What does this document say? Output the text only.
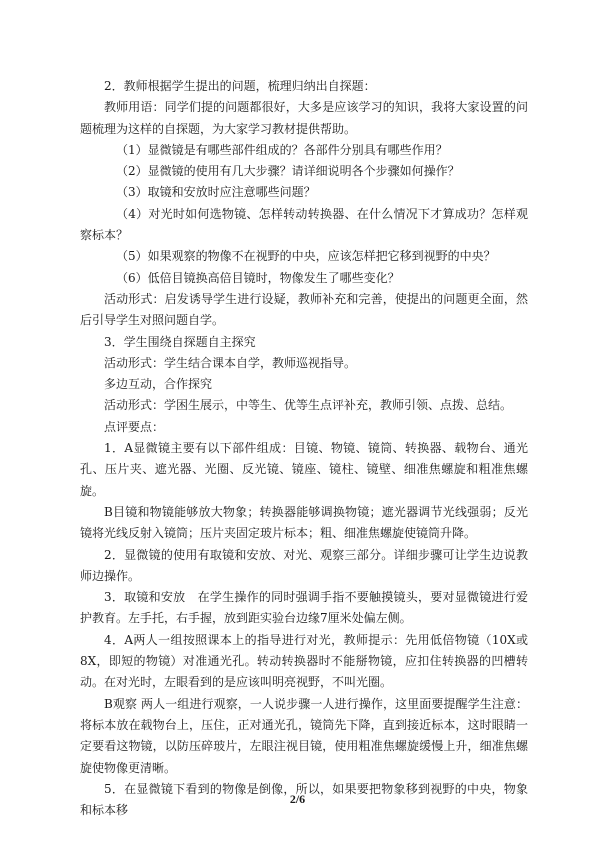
2．教师根据学生提出的问题，梳理归纳出自探题：

教师用语：同学们提的问题都很好，大多是应该学习的知识，我将大家设置的问题梳理为这样的自探题，为大家学习教材提供帮助。

（1）显微镜是有哪些部件组成的？各部件分别具有哪些作用？

（2）显微镜的使用有几大步骤？请详细说明各个步骤如何操作？

（3）取镜和安放时应注意哪些问题？

（4）对光时如何选物镜、怎样转动转换器、在什么情况下才算成功？怎样观察标本？

（5）如果观察的物像不在视野的中央，应该怎样把它移到视野的中央？

（6）低倍目镜换高倍目镜时，物像发生了哪些变化？

活动形式：启发诱导学生进行设疑，教师补充和完善，使提出的问题更全面，然后引导学生对照问题自学。

3．学生围绕自探题自主探究

活动形式：学生结合课本自学，教师巡视指导。

多边互动，合作探究

活动形式：学困生展示，中等生、优等生点评补充，教师引领、点拨、总结。

点评要点：

1．A显微镜主要有以下部件组成：目镜、物镜、镜筒、转换器、载物台、通光孔、压片夹、遮光器、光圈、反光镜、镜座、镜柱、镜壁、细准焦螺旋和粗准焦螺旋。

B目镜和物镜能够放大物象；转换器能够调换物镜；遮光器调节光线强弱；反光镜将光线反射入镜筒；压片夹固定玻片标本；粗、细准焦螺旋使镜筒升降。

2．显微镜的使用有取镜和安放、对光、观察三部分。详细步骤可让学生边说教师边操作。

3．取镜和安放　在学生操作的同时强调手指不要触摸镜头，要对显微镜进行爱护教育。左手托，右手握，放到距实验台边缘7厘米处偏左侧。

4．A两人一组按照课本上的指导进行对光，教师提示：先用低倍物镜（10X或8X，即短的物镜）对准通光孔。转动转换器时不能掰物镜，应扣住转换器的凹槽转动。在对光时，左眼看到的是应该叫明亮视野，不叫光圈。

B观察 两人一组进行观察，一人说步骤一人进行操作，这里面要提醒学生注意：将标本放在载物台上，压住，正对通光孔，镜筒先下降，直到接近标本，这时眼睛一定要看这物镜，以防压碎玻片，左眼注视目镜，使用粗准焦螺旋缓慢上升，细准焦螺旋使物像更清晰。

5．在显微镜下看到的物像是倒像，所以，如果要把物象移到视野的中央，物象和标本移

2/6
